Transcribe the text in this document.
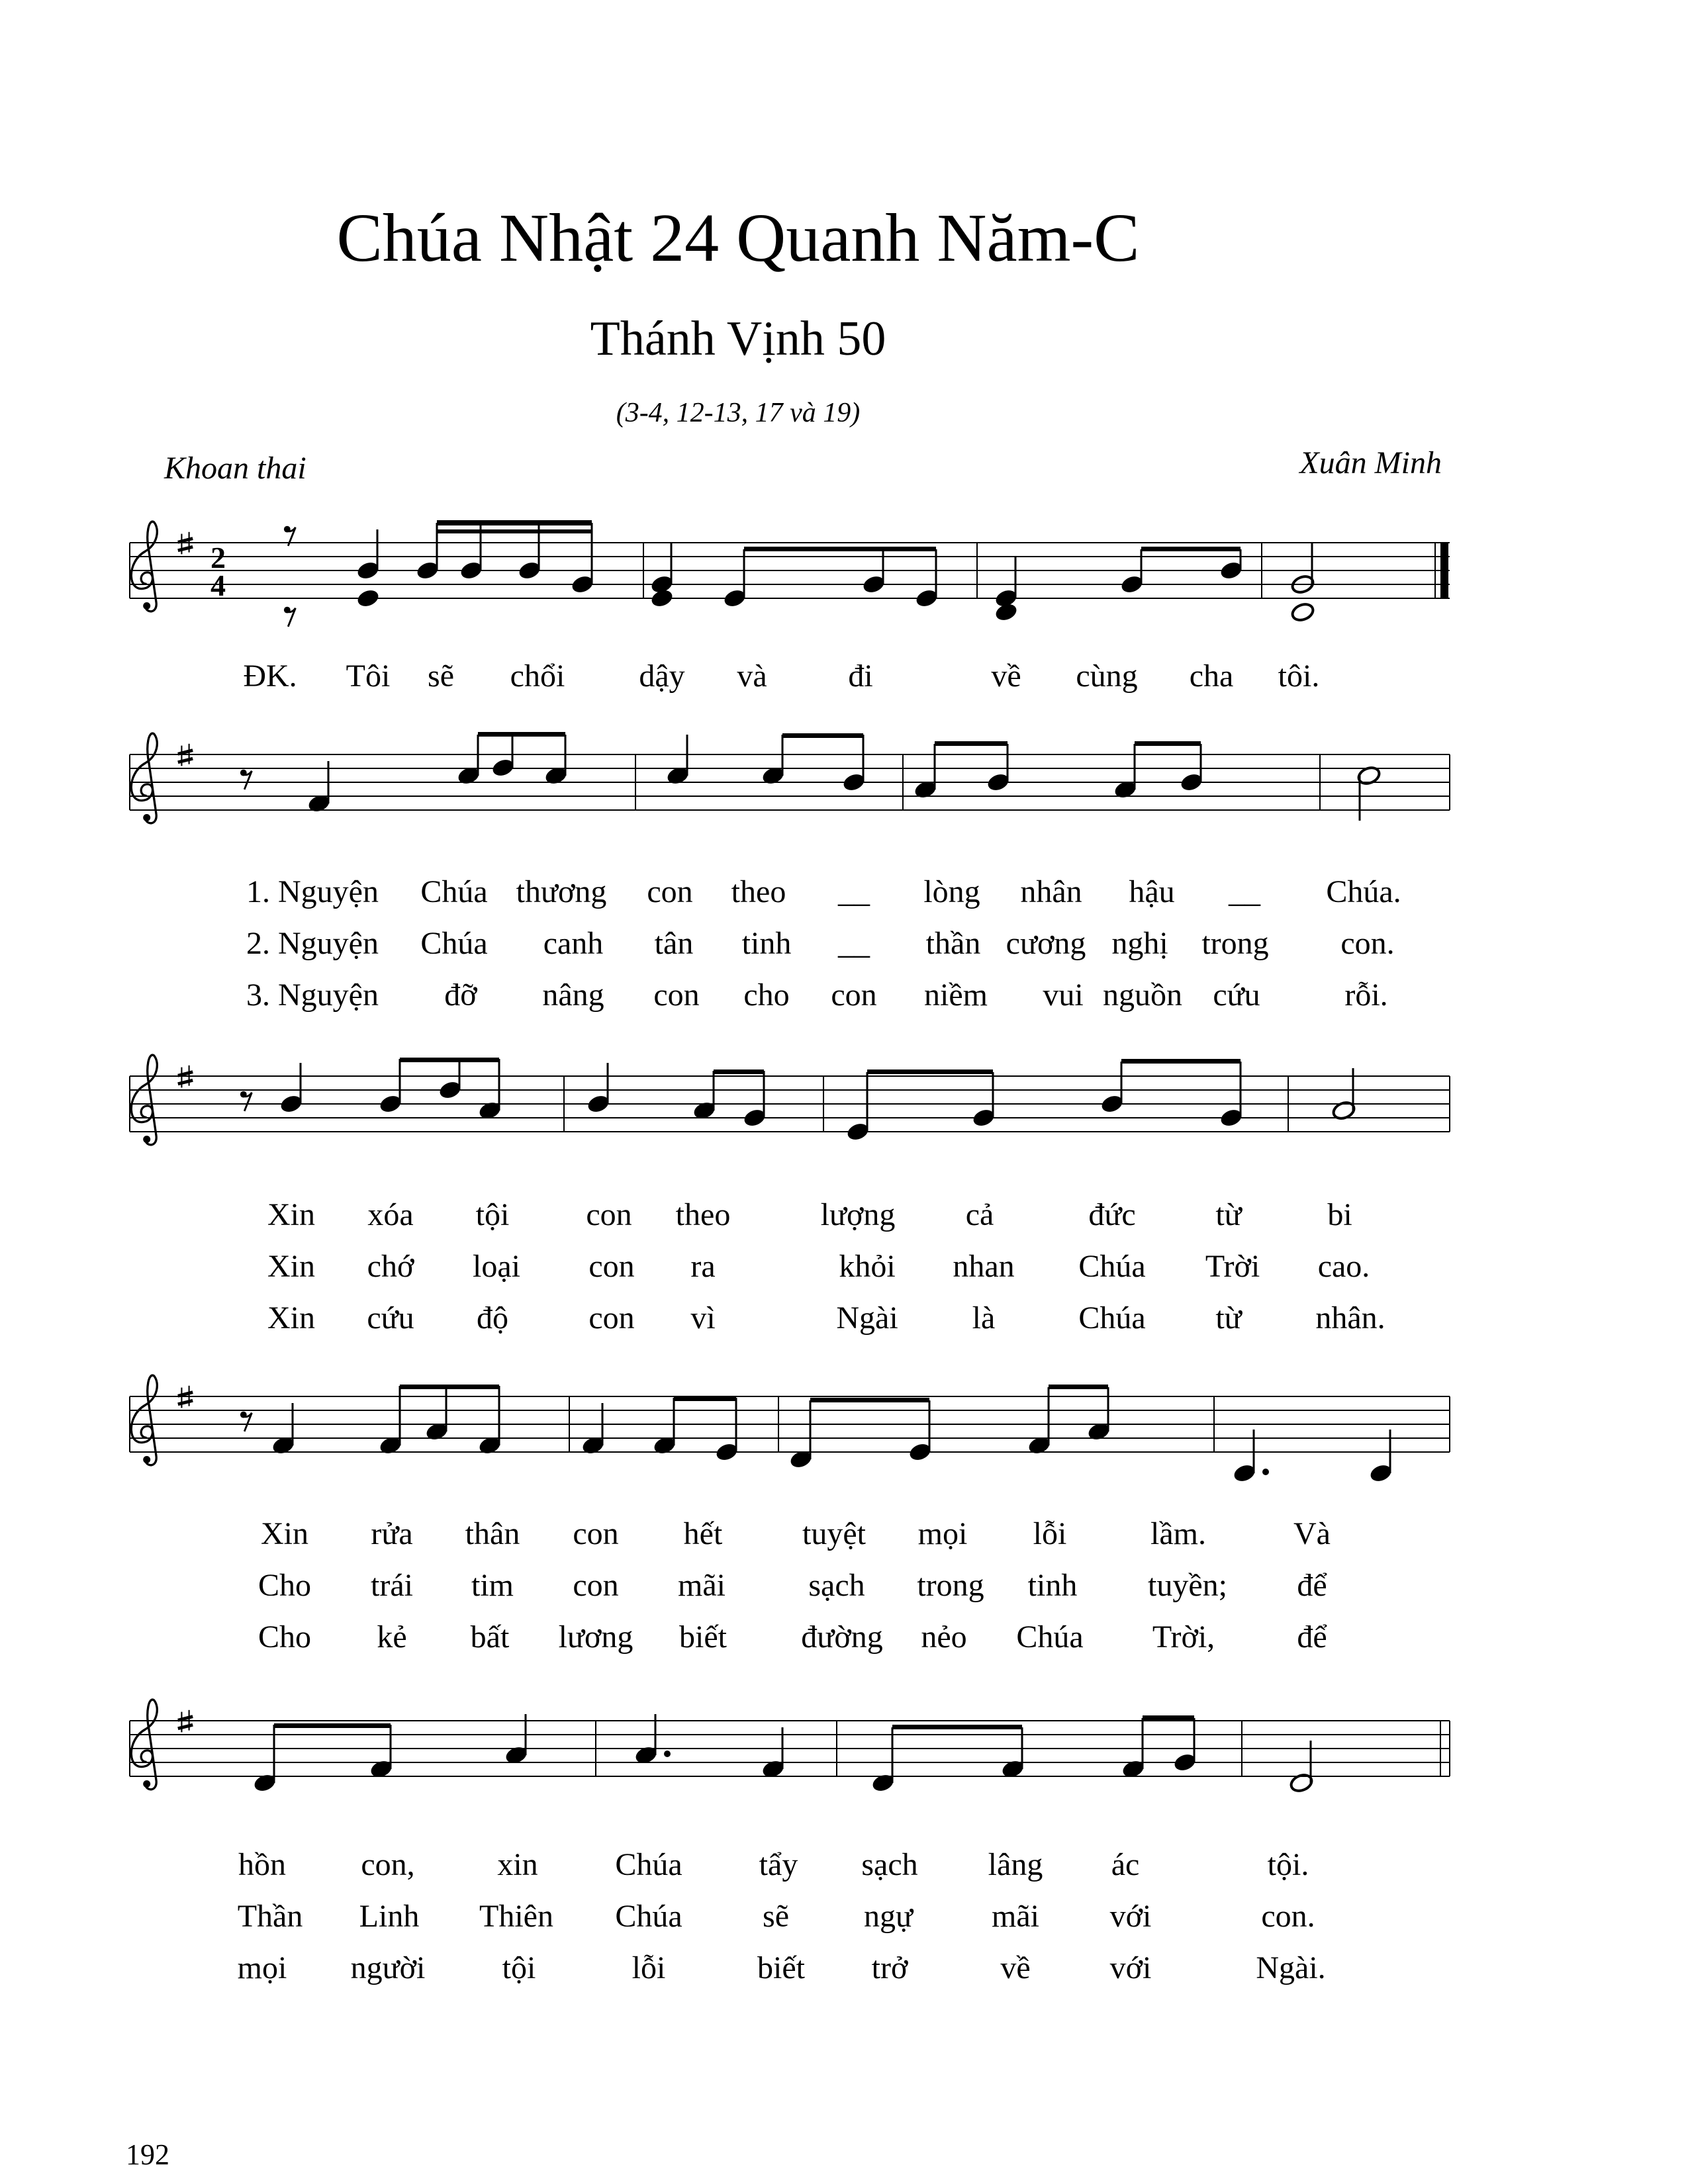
2
4
Chúa Nhật 24 Quanh Năm-C
Thánh Vịnh 50
(3-4, 12-13, 17 và 19)
Khoan thai	Xuân Minh
ĐK. Tôi sẽ chổi dậy và	đi	về cùng cha tôi.
1. Nguyện Chúa thương con theo __ lòng nhân hậu __ Chúa.
2. Nguyện Chúa canh tân tinh __ thần cương nghị trong con.
3. Nguyện đỡ nâng con cho con niềm vui nguồn cứu	rỗi.
Xin xóa tội con theo	lượng cả	đức	từ	bi
Xin chớ loại con ra	khỏi nhan Chúa Trời cao.
Xin cứu độ	con vì	Ngài là	Chúa từ nhân.
Xin rửa thân con hết	tuyệt mọi lỗi	lầm.	Và
Cho trái tim con mãi	sạch trong tinh tuyền; để
Cho kẻ bất lương biết đường nẻo Chúa Trời,	để
hồn con,	xin Chúa tẩy sạch lâng ác	tội.
Thần Linh Thiên Chúa	sẽ ngự mãi với	con.
mọi người tội	lỗi	biết trở	về với	Ngài.
192
